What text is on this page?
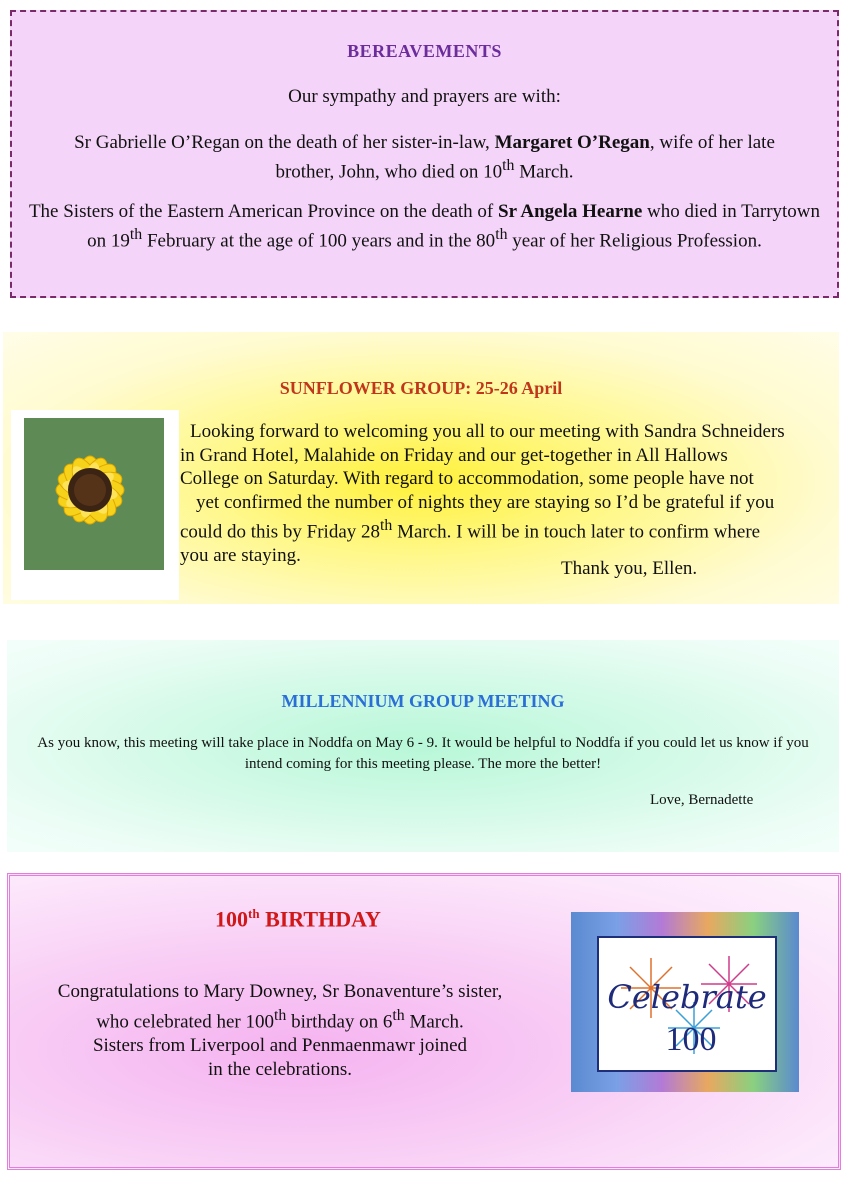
BEREAVEMENTS
Our sympathy and prayers are with:
Sr Gabrielle O’Regan on the death of her sister-in-law, Margaret O’Regan, wife of her late brother, John, who died on 10th March.
The Sisters of the Eastern American Province on the death of Sr Angela Hearne who died in Tarrytown on 19th February at the age of 100 years and in the 80th year of her Religious Profession.
SUNFLOWER GROUP: 25-26 April
Looking forward to welcoming you all to our meeting with Sandra Schneiders
in Grand Hotel, Malahide on Friday and our get-together in All Hallows
College on Saturday. With regard to accommodation, some people have not
yet confirmed the number of nights they are staying so I’d be grateful if you
could do this by Friday 28th March. I will be in touch later to confirm where
you are staying.
Thank you, Ellen.
MILLENNIUM GROUP MEETING
As you know, this meeting will take place in Noddfa on May 6 - 9. It would be helpful to Noddfa if you could let us know if you intend coming for this meeting please. The more the better!
Love, Bernadette
100th BIRTHDAY
Congratulations to Mary Downey, Sr Bonaventure’s sister,
who celebrated her 100th birthday on 6th March.
Sisters from Liverpool and Penmaenmawr joined
in the celebrations.
Celebrate
100
